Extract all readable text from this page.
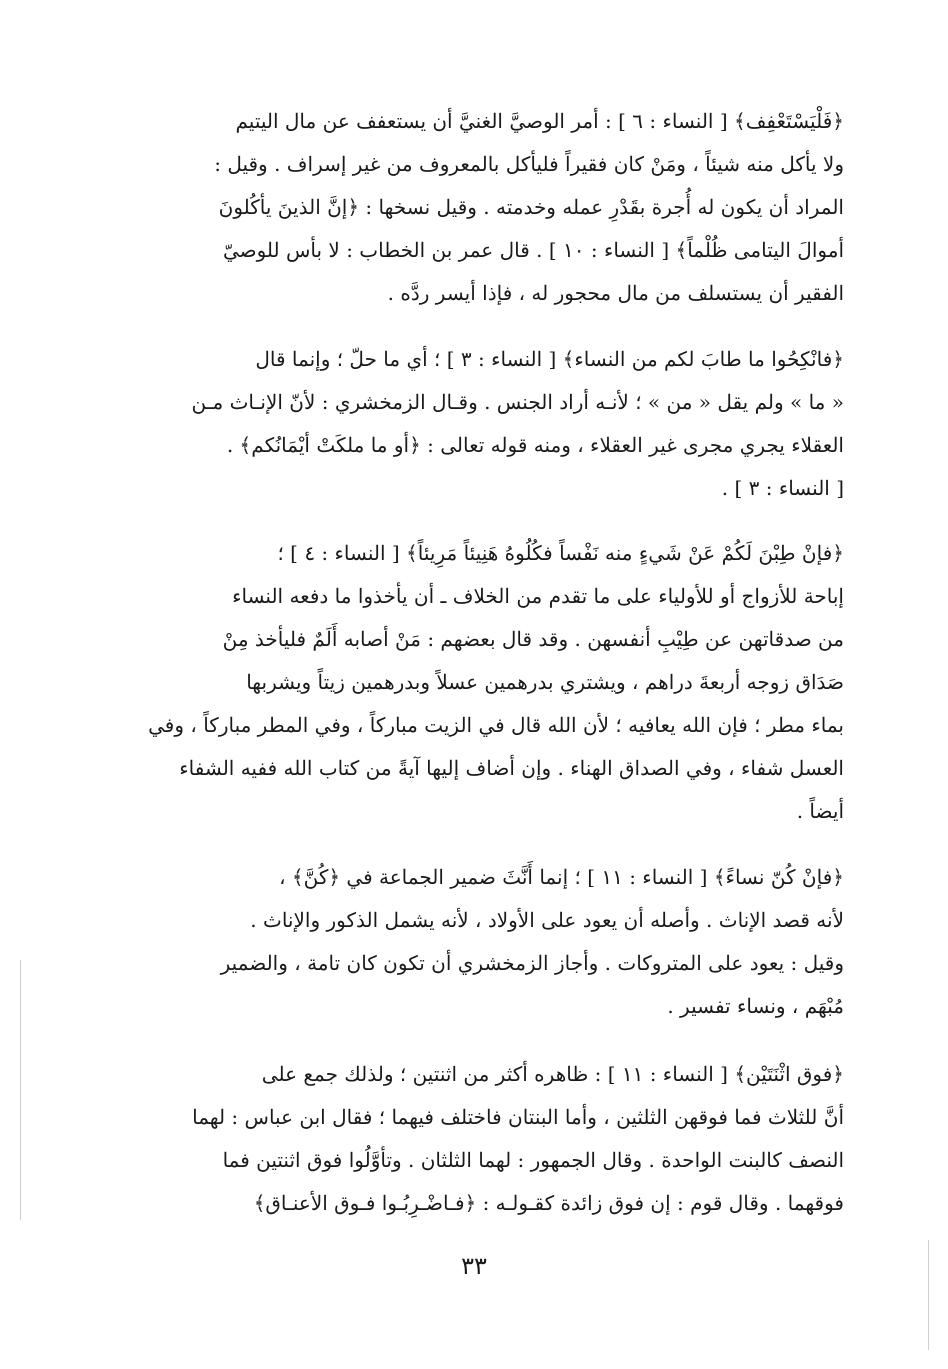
﴿فَلْيَسْتَعْفِف﴾ [ النساء : ٦ ] : أمر الوصيَّ الغنيَّ أن يستعفف عن مال اليتيم
ولا يأكل منه شيئاً ، ومَنْ كان فقيراً فليأكل بالمعروف من غير إسراف . وقيل :
المراد أن يكون له أُجرة بقَدْرِ عمله وخدمته . وقيل نسخها : ﴿إنَّ الذينَ يأكُلونَ
أموالَ اليتامى ظُلْماً﴾ [ النساء : ١٠ ] . قال عمر بن الخطاب : لا بأس للوصيّ
الفقير أن يستسلف من مال محجور له ، فإذا أيسر ردَّه .
﴿فانْكِحُوا ما طابَ لكم من النساء﴾ [ النساء : ٣ ] ؛ أي ما حلّ ؛ وإنما قال
« ما » ولم يقل « من » ؛ لأنـه أراد الجنس . وقـال الزمخشري : لأنّ الإنـاث مـن
العقلاء يجري مجرى غير العقلاء ، ومنه قوله تعالى : ﴿أو ما ملكَتْ أيْمَانُكم﴾ .
[ النساء : ٣ ] .
﴿فإنْ طِبْنَ لَكُمْ عَنْ شَيءٍ منه نَفْساً فكُلُوهُ هَنِيئاً مَرِيئاً﴾ [ النساء : ٤ ] ؛
إباحة للأزواج أو للأولياء على ما تقدم من الخلاف ـ أن يأخذوا ما دفعه النساء
من صدقاتهن عن طِيْبِ أنفسهن . وقد قال بعضهم : مَنْ أصابه أَلَمٌ فليأخذ مِنْ
صَدَاق زوجه أربعةَ دراهم ، ويشتري بدرهمين عسلاً وبدرهمين زيتاً ويشربها
بماء مطر ؛ فإن الله يعافيه ؛ لأن الله قال في الزيت مباركاً ، وفي المطر مباركاً ، وفي
العسل شفاء ، وفي الصداق الهناء . وإن أضاف إليها آيةً من كتاب الله ففيه الشفاء
أيضاً .
﴿فإنْ كُنّ نساءً﴾ [ النساء : ١١ ] ؛ إنما أَنَّثَ ضمير الجماعة في ﴿كُنَّ﴾ ،
لأنه قصد الإناث . وأصله أن يعود على الأولاد ، لأنه يشمل الذكور والإناث .
وقيل : يعود على المتروكات . وأجاز الزمخشري أن تكون كان تامة ، والضمير
مُبْهَم ، ونساء تفسير .
﴿فوق اثْنَتَيْن﴾ [ النساء : ١١ ] : ظاهره أكثر من اثنتين ؛ ولذلك جمع على
أنَّ للثلاث فما فوقهن الثلثين ، وأما البنتان فاختلف فيهما ؛ فقال ابن عباس : لهما
النصف كالبنت الواحدة . وقال الجمهور : لهما الثلثان . وتأوَّلُوا فوق اثنتين فما
فوقهما . وقال قوم : إن فوق زائدة كقـولـه : ﴿فـاضْـرِبُـوا فـوق الأعنـاق﴾
٣٣
